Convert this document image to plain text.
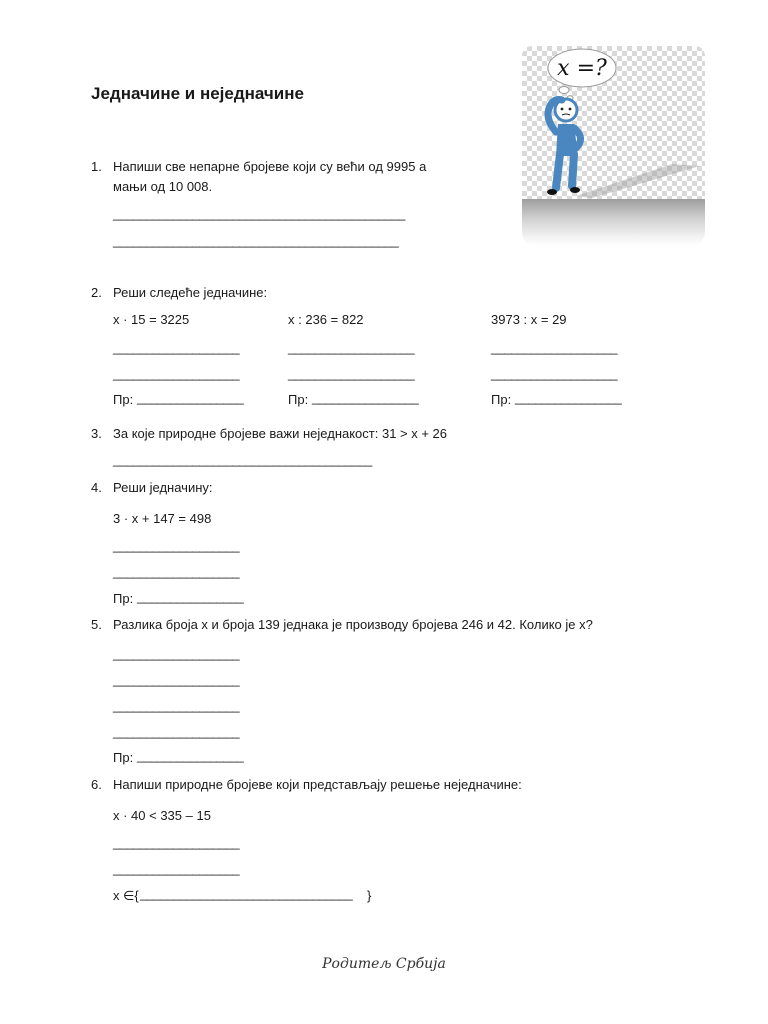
Једначине и неједначине
x =?
1. Напиши све непарне бројеве који су већи од 9995 а
мањи од 10 008.
____________________________________________
___________________________________________
2. Реши следеће једначине:
x · 15 = 3225	x : 236 = 822	3973 : x = 29
___________________	___________________	___________________
___________________	___________________	___________________
Пр: ________________	Пр: ________________	Пр: ________________
3. За које природне бројеве важи неједнакост: 31 > x + 26
_______________________________________
4. Реши једначину:
3 · x + 147 = 498
___________________
___________________
Пр: ________________
5. Разлика броја x и броја 139 једнака је производу бројева 246 и 42. Колико је x?
___________________
___________________
___________________
___________________
Пр: ________________
6. Напиши природне бројеве који представљају решење неједначине:
x · 40 < 335 – 15
___________________
___________________
x ∈{ ________________________________ }
Родитељ Србија
